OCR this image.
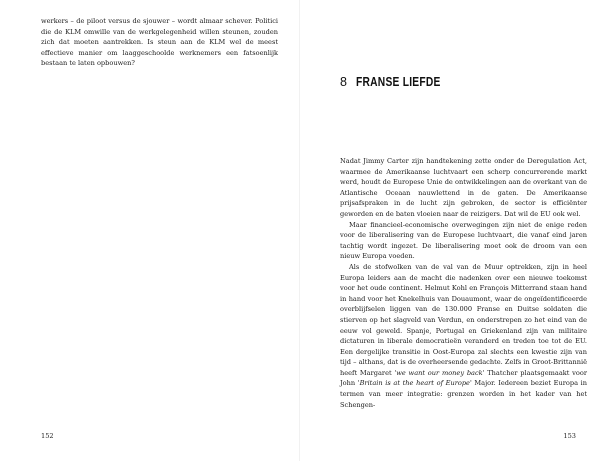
werkers – de piloot versus de sjouwer – wordt almaar schever. Politici die de KLM omwille van de werkgelegenheid willen steunen, zouden zich dat moeten aantrekken. Is steun aan de KLM wel de meest effectieve manier om laaggeschoolde werknemers een fatsoenlijk bestaan te laten opbouwen?

152
8 FRANSE LIEFDE

Nadat Jimmy Carter zijn handtekening zette onder de Deregulation Act, waarmee de Amerikaanse luchtvaart een scherp concurrerende markt werd, houdt de Europese Unie de ontwikkelingen aan de overkant van de Atlantische Oceaan nauwlettend in de gaten. De Amerikaanse prijsafspraken in de lucht zijn gebroken, de sector is efficiënter geworden en de baten vloeien naar de reizigers. Dat wil de EU ook wel.

Maar financieel-economische overwegingen zijn niet de enige reden voor de liberalisering van de Europese luchtvaart, die vanaf eind jaren tachtig wordt ingezet. De liberalisering moet ook de droom van een nieuw Europa voeden.

Als de stofwolken van de val van de Muur optrekken, zijn in heel Europa leiders aan de macht die nadenken over een nieuwe toekomst voor het oude continent. Helmut Kohl en François Mitterrand staan hand in hand voor het Knekelhuis van Douaumont, waar de ongeïdentificeerde overblijfselen liggen van de 130.000 Franse en Duitse soldaten die stierven op het slagveld van Verdun, en onderstrepen zo het eind van de eeuw vol geweld. Spanje, Portugal en Griekenland zijn van militaire dictaturen in liberale democratieën veranderd en treden toe tot de EU. Een dergelijke transitie in Oost-Europa zal slechts een kwestie zijn van tijd – althans, dat is de overheersende gedachte. Zelfs in Groot-Brittannië heeft Margaret 'we want our money back' Thatcher plaatsgemaakt voor John 'Britain is at the heart of Europe' Major. Iedereen beziet Europa in termen van meer integratie: grenzen worden in het kader van het Schengen-

153
